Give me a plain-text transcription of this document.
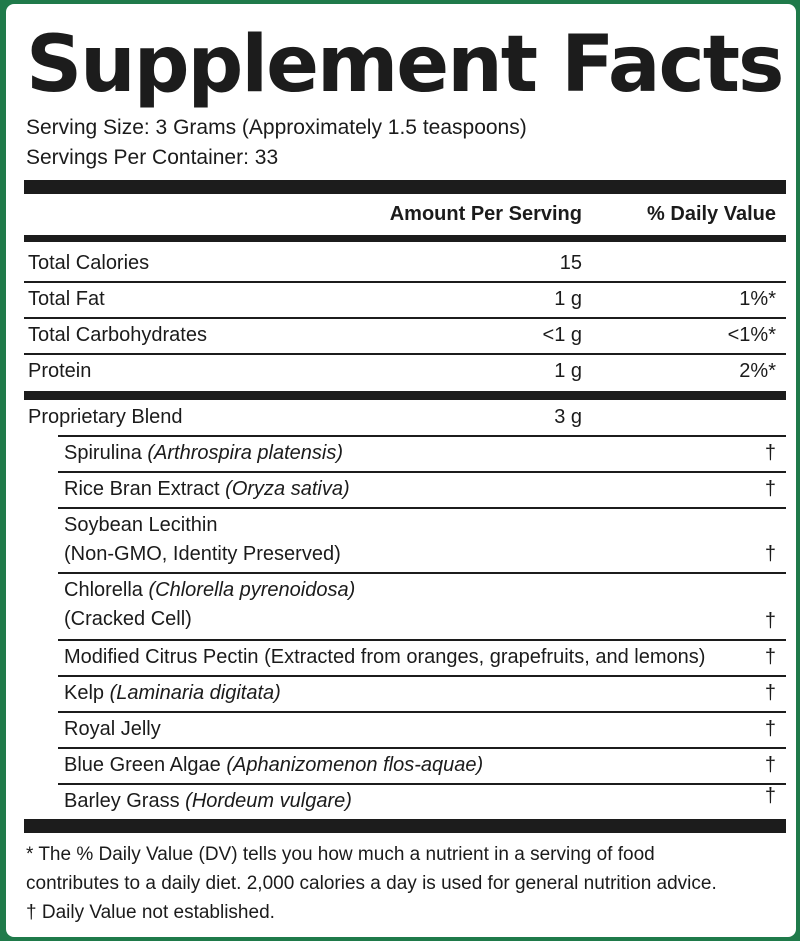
Supplement Facts
Serving Size: 3 Grams (Approximately 1.5 teaspoons)
Servings Per Container: 33
Amount Per Serving	% Daily Value
Total Calories	15
Total Fat	1 g	1%*
Total Carbohydrates	<1 g	<1%*
Protein	1 g	2%*
Proprietary Blend	3 g
Spirulina (Arthrospira platensis)	†
Rice Bran Extract (Oryza sativa)	†
Soybean Lecithin
(Non-GMO, Identity Preserved)	†
Chlorella (Chlorella pyrenoidosa)
(Cracked Cell)	†
Modified Citrus Pectin (Extracted from oranges, grapefruits, and lemons)	†
Kelp (Laminaria digitata)	†
Royal Jelly	†
Blue Green Algae (Aphanizomenon flos-aquae)	†
Barley Grass (Hordeum vulgare)	†
* The % Daily Value (DV) tells you how much a nutrient in a serving of food
contributes to a daily diet. 2,000 calories a day is used for general nutrition advice.
† Daily Value not established.
